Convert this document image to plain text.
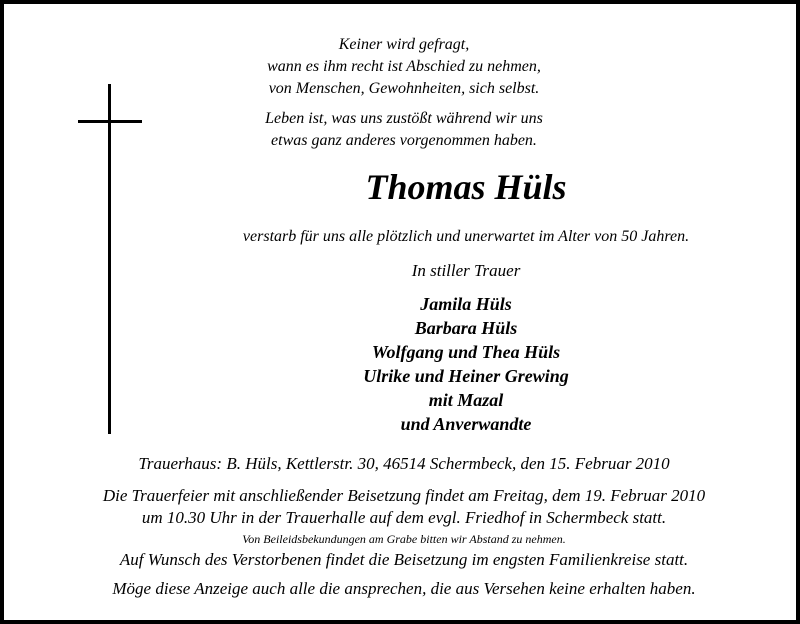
Keiner wird gefragt,
wann es ihm recht ist Abschied zu nehmen,
von Menschen, Gewohnheiten, sich selbst.
Leben ist, was uns zustößt während wir uns
etwas ganz anderes vorgenommen haben.
Thomas Hüls
verstarb für uns alle plötzlich und unerwartet im Alter von 50 Jahren.
In stiller Trauer
Jamila Hüls
Barbara Hüls
Wolfgang und Thea Hüls
Ulrike und Heiner Grewing
mit Mazal
und Anverwandte
Trauerhaus: B. Hüls, Kettlerstr. 30, 46514 Schermbeck, den 15. Februar 2010
Die Trauerfeier mit anschließender Beisetzung findet am Freitag, dem 19. Februar 2010
um 10.30 Uhr in der Trauerhalle auf dem evgl. Friedhof in Schermbeck statt.
Von Beileidsbekundungen am Grabe bitten wir Abstand zu nehmen.
Auf Wunsch des Verstorbenen findet die Beisetzung im engsten Familienkreise statt.
Möge diese Anzeige auch alle die ansprechen, die aus Versehen keine erhalten haben.
